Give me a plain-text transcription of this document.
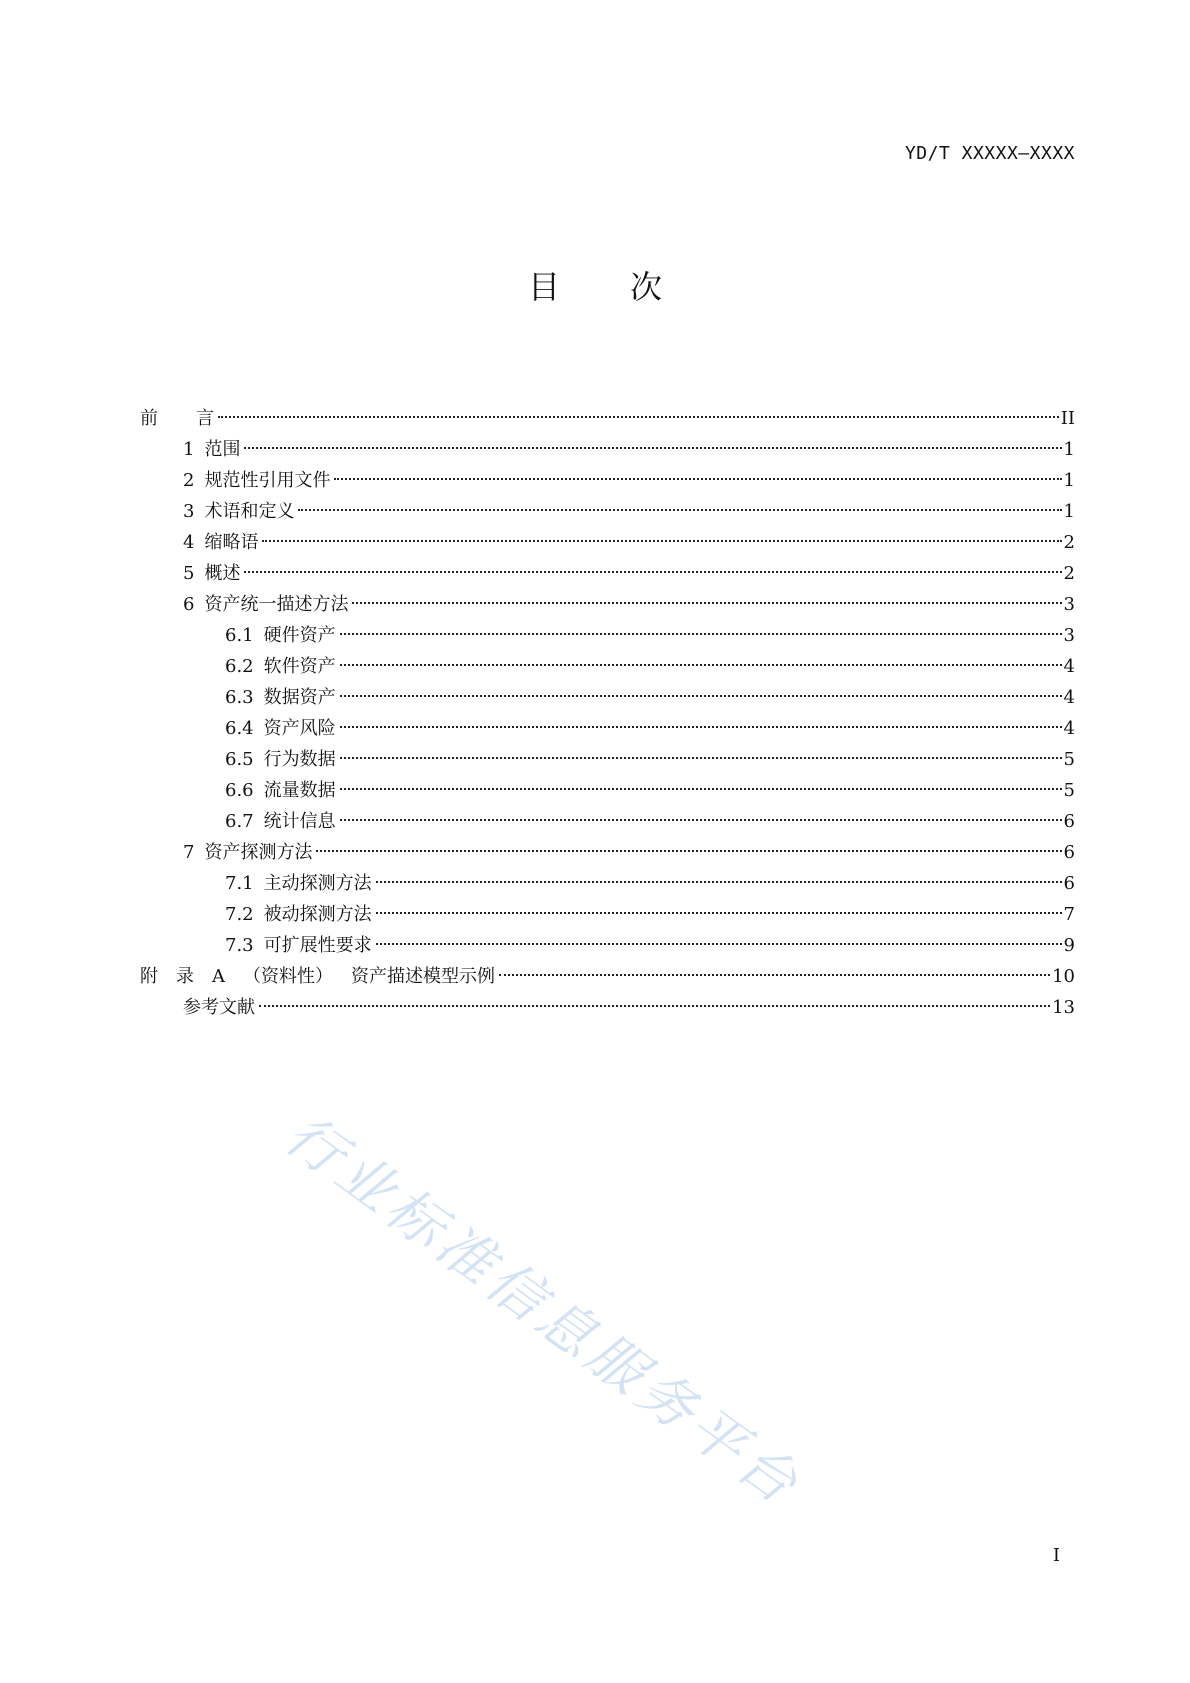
YD/T XXXXX—XXXX
目 次
前 言	II
1 范围	1
2 规范性引用文件	1
3 术语和定义	1
4 缩略语	2
5 概述	2
6 资产统一描述方法	3
6.1 硬件资产	3
6.2 软件资产	4
6.3 数据资产	4
6.4 资产风险	4
6.5 行为数据	5
6.6 流量数据	5
6.7 统计信息	6
7 资产探测方法	6
7.1 主动探测方法	6
7.2 被动探测方法	7
7.3 可扩展性要求	9
附 录 A （资料性） 资产描述模型示例	10
参考文献	13
行业标准信息服务平台
I
